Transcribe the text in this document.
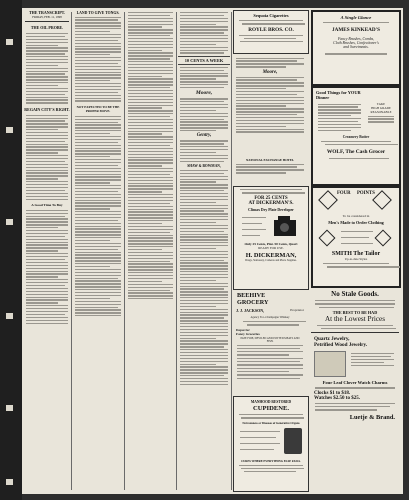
THE TRANSCRIPT.
FRIDAY, FEB. 11, 1898
THE OIL PROBE.
REGAIN CITY'S RIGHT.
A Good Time To Buy
LAND TO GIVE TONGS.
NOT EXPECTED TO BE THE PROPER MOVE.
10 CENTS A WEEK
Moore,
Gentry,
SHAW & BOWMAN,
Sequoia Cigarettes
ROYLE BROS. CO.
A Single Glance
JAMES KINKEAD'S
Fancy Brushes, Combs,
Cloth Brushes, Confectioner's
and Sweetmeats.
Moore,
Good Things for YOUR Dinner
TAKE
HIGH GRADE
REASONABLE
Creamery Butter
WOLF, The Cash Grocer
NATIONAL EXCHANGE HOTEL
FOR 25 CENTS
AT DICKERMAN'S.
Climax Dry Plate Developer
Only 25 Cents, Pint. 50 Cents, Quart
READY FOR USE.
H. DICKERMAN,
Drugs, Stationery, Cameras and Photo Supplies.
FOUR POINTS
To be considered in
Men's Made to Order Clothing
SMITH The Tailor
Up-to-date Styles
BEEHIVE
GROCERY
J. J. JACKSON,	Proprietor
Agency For--Champagne Whiskey
Depot for
Fancy Groceries
PATE FOIE, DEVILED AND POTTED MEATS AND FISH.
MANHOOD RESTORED
CUPIDENE.
Nervousness or Diseases of Generative Organs
CURES WHERE EVERYTHING ELSE FAILS.
No Stale Goods.
THE BEST TO BE HAD
At the Lowest Prices
Quartz Jewelry,
Petrified Wood Jewelry.
Four Leaf Clover Watch Charms
Clocks $1 to $18.
Watches $2.50 to $25.
Luetje & Brand.
